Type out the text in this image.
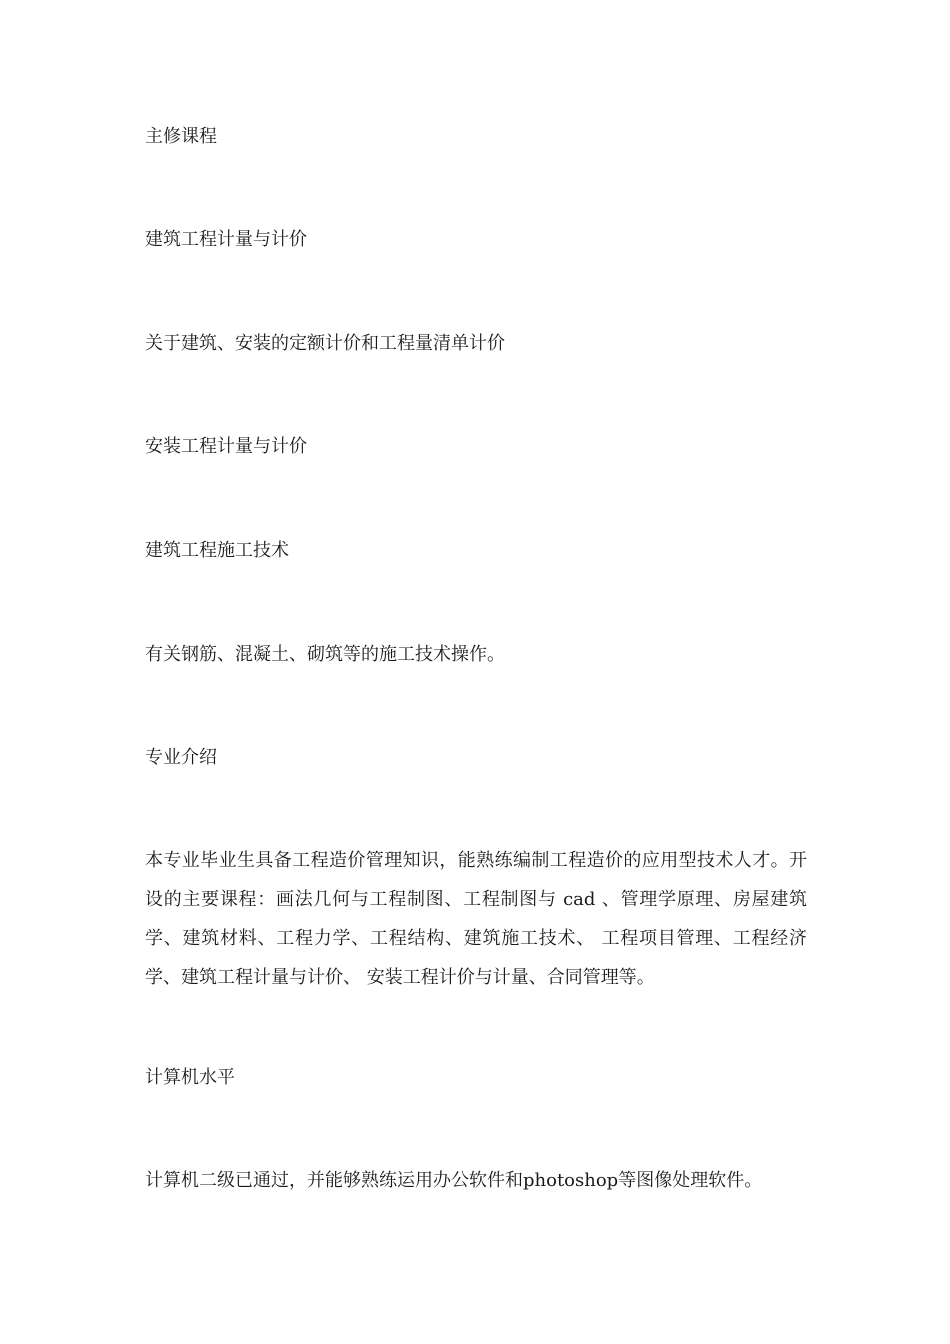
主修课程
建筑工程计量与计价
关于建筑、安装的定额计价和工程量清单计价
安装工程计量与计价
建筑工程施工技术
有关钢筋、混凝土、砌筑等的施工技术操作。
专业介绍
本专业毕业生具备工程造价管理知识，能熟练编制工程造价的应用型技术人才。开设的主要课程：画法几何与工程制图、工程制图与 cad 、管理学原理、房屋建筑学、建筑材料、工程力学、工程结构、建筑施工技术、 工程项目管理、工程经济学、建筑工程计量与计价、 安装工程计价与计量、合同管理等。
计算机水平
计算机二级已通过，并能够熟练运用办公软件和photoshop等图像处理软件。
